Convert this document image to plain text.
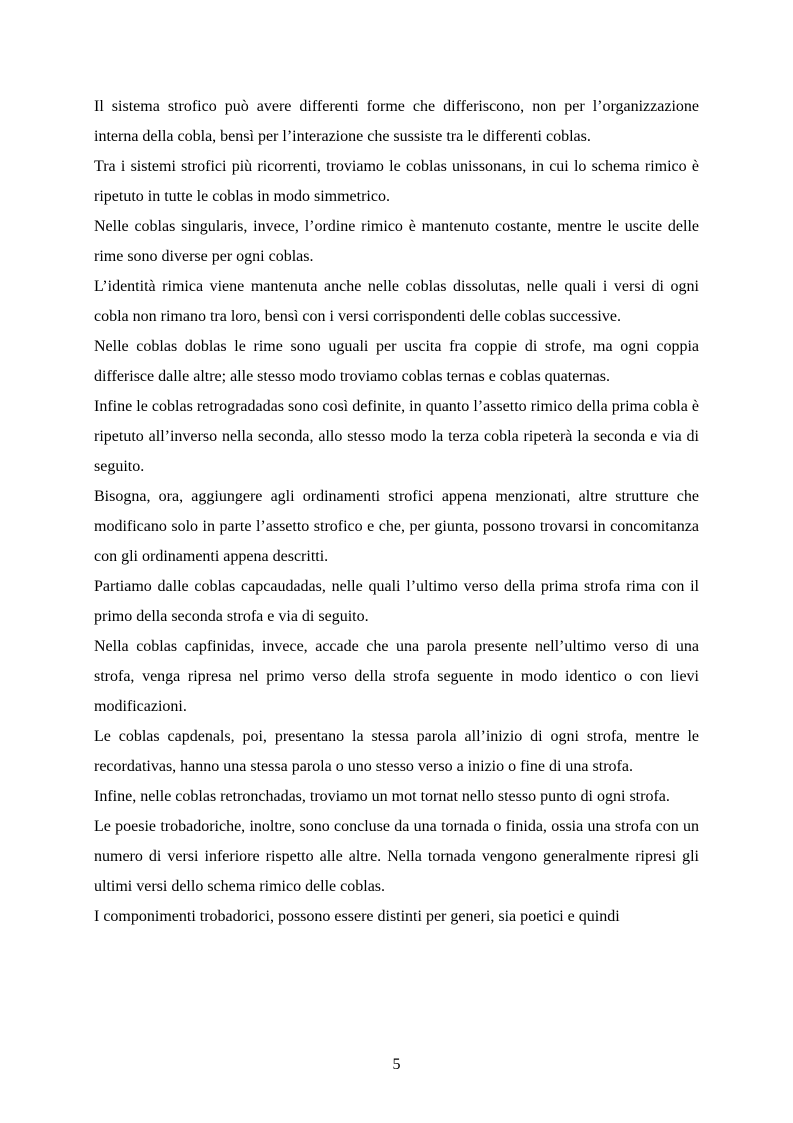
Il sistema strofico può avere differenti forme che differiscono, non per l’organizzazione interna della cobla, bensì per l’interazione che sussiste tra le differenti coblas.

Tra i sistemi strofici più ricorrenti, troviamo le coblas unissonans, in cui lo schema rimico è ripetuto in tutte le coblas in modo simmetrico.

Nelle coblas singularis, invece, l’ordine rimico è mantenuto costante, mentre le uscite delle rime sono diverse per ogni coblas.

L’identità rimica viene mantenuta anche nelle coblas dissolutas, nelle quali i versi di ogni cobla non rimano tra loro, bensì con i versi corrispondenti delle coblas successive.

Nelle coblas doblas le rime sono uguali per uscita fra coppie di strofe, ma ogni coppia differisce dalle altre; alle stesso modo troviamo coblas ternas e coblas quaternas.

Infine le coblas retrogradadas sono così definite, in quanto l’assetto rimico della prima cobla è ripetuto all’inverso nella seconda, allo stesso modo la terza cobla ripeterà la seconda e via di seguito.

Bisogna, ora, aggiungere agli ordinamenti strofici appena menzionati, altre strutture che modificano solo in parte l’assetto strofico e che, per giunta, possono trovarsi in concomitanza con gli ordinamenti appena descritti.

Partiamo dalle coblas capcaudadas, nelle quali l’ultimo verso della prima strofa rima con il primo della seconda strofa e via di seguito.

Nella coblas capfinidas, invece, accade che una parola presente nell’ultimo verso di una strofa, venga ripresa nel primo verso della strofa seguente in modo identico o con lievi modificazioni.

Le coblas capdenals, poi, presentano la stessa parola all’inizio di ogni strofa, mentre le recordativas, hanno una stessa parola o uno stesso verso a inizio o fine di una strofa.

Infine, nelle coblas retronchadas, troviamo un mot tornat nello stesso punto di ogni strofa.

Le poesie trobadoriche, inoltre, sono concluse da una tornada o finida, ossia una strofa con un numero di versi inferiore rispetto alle altre. Nella tornada vengono generalmente ripresi gli ultimi versi dello schema rimico delle coblas.

I componimenti trobadorici, possono essere distinti per generi, sia poetici e quindi

5
